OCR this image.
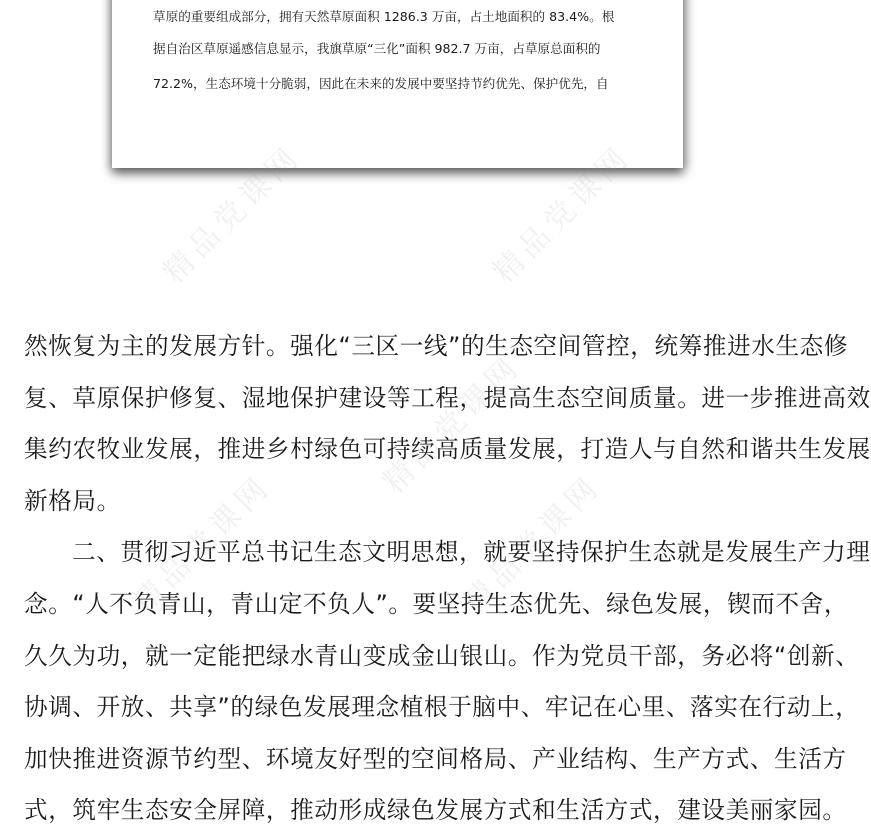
草原的重要组成部分，拥有天然草原面积 1286.3 万亩，占土地面积的 83.4%。根
据自治区草原遥感信息显示，我旗草原“三化”面积 982.7 万亩，占草原总面积的
72.2%，生态环境十分脆弱，因此在未来的发展中要坚持节约优先、保护优先，自
然恢复为主的发展方针。强化“三区一线”的生态空间管控，统筹推进水生态修
复、草原保护修复、湿地保护建设等工程，提高生态空间质量。进一步推进高效
集约农牧业发展，推进乡村绿色可持续高质量发展，打造人与自然和谐共生发展
新格局。
二、贯彻习近平总书记生态文明思想，就要坚持保护生态就是发展生产力理
念。“人不负青山，青山定不负人”。要坚持生态优先、绿色发展，锲而不舍，
久久为功，就一定能把绿水青山变成金山银山。作为党员干部，务必将“创新、
协调、开放、共享”的绿色发展理念植根于脑中、牢记在心里、落实在行动上，
加快推进资源节约型、环境友好型的空间格局、产业结构、生产方式、生活方
式，筑牢生态安全屏障，推动形成绿色发展方式和生活方式，建设美丽家园。
精品党课网	精品党课网
精品党课网
精品党课网	精品党课网
